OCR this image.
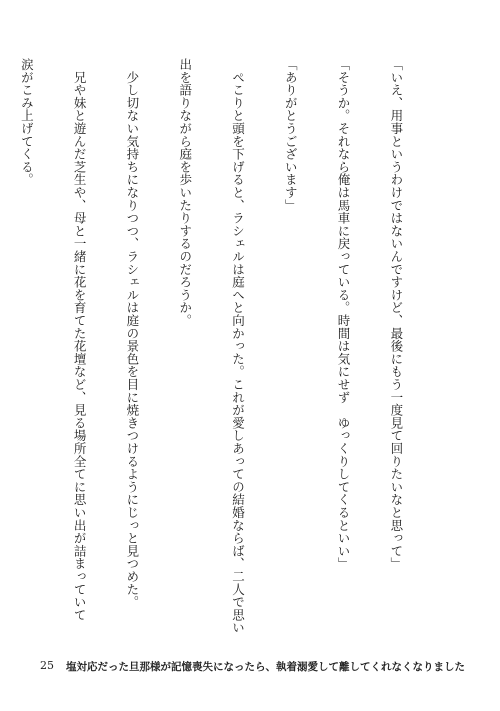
「いえ、用事というわけではないんですけど、最後にもう一度見て回りたいなと思って」

「そうか。それなら俺は馬車に戻っている。時間は気にせず　ゆっくりしてくるといい」

「ありがとうございます」

　ぺこりと頭を下げると、ラシェルは庭へと向かった。これが愛しあっての結婚ならば、二人で思い

出を語りながら庭を歩いたりするのだろうか。

　少し切ない気持ちになりつつ、ラシェルは庭の景色を目に焼きつけるようにじっと見つめた。

　兄や妹と遊んだ芝生や、母と一緒に花を育てた花壇など、見る場所全てに思い出が詰まっていて

涙がこみ上げてくる。

25 塩対応だった旦那様が記憶喪失になったら、執着溺愛して離してくれなくなりました
